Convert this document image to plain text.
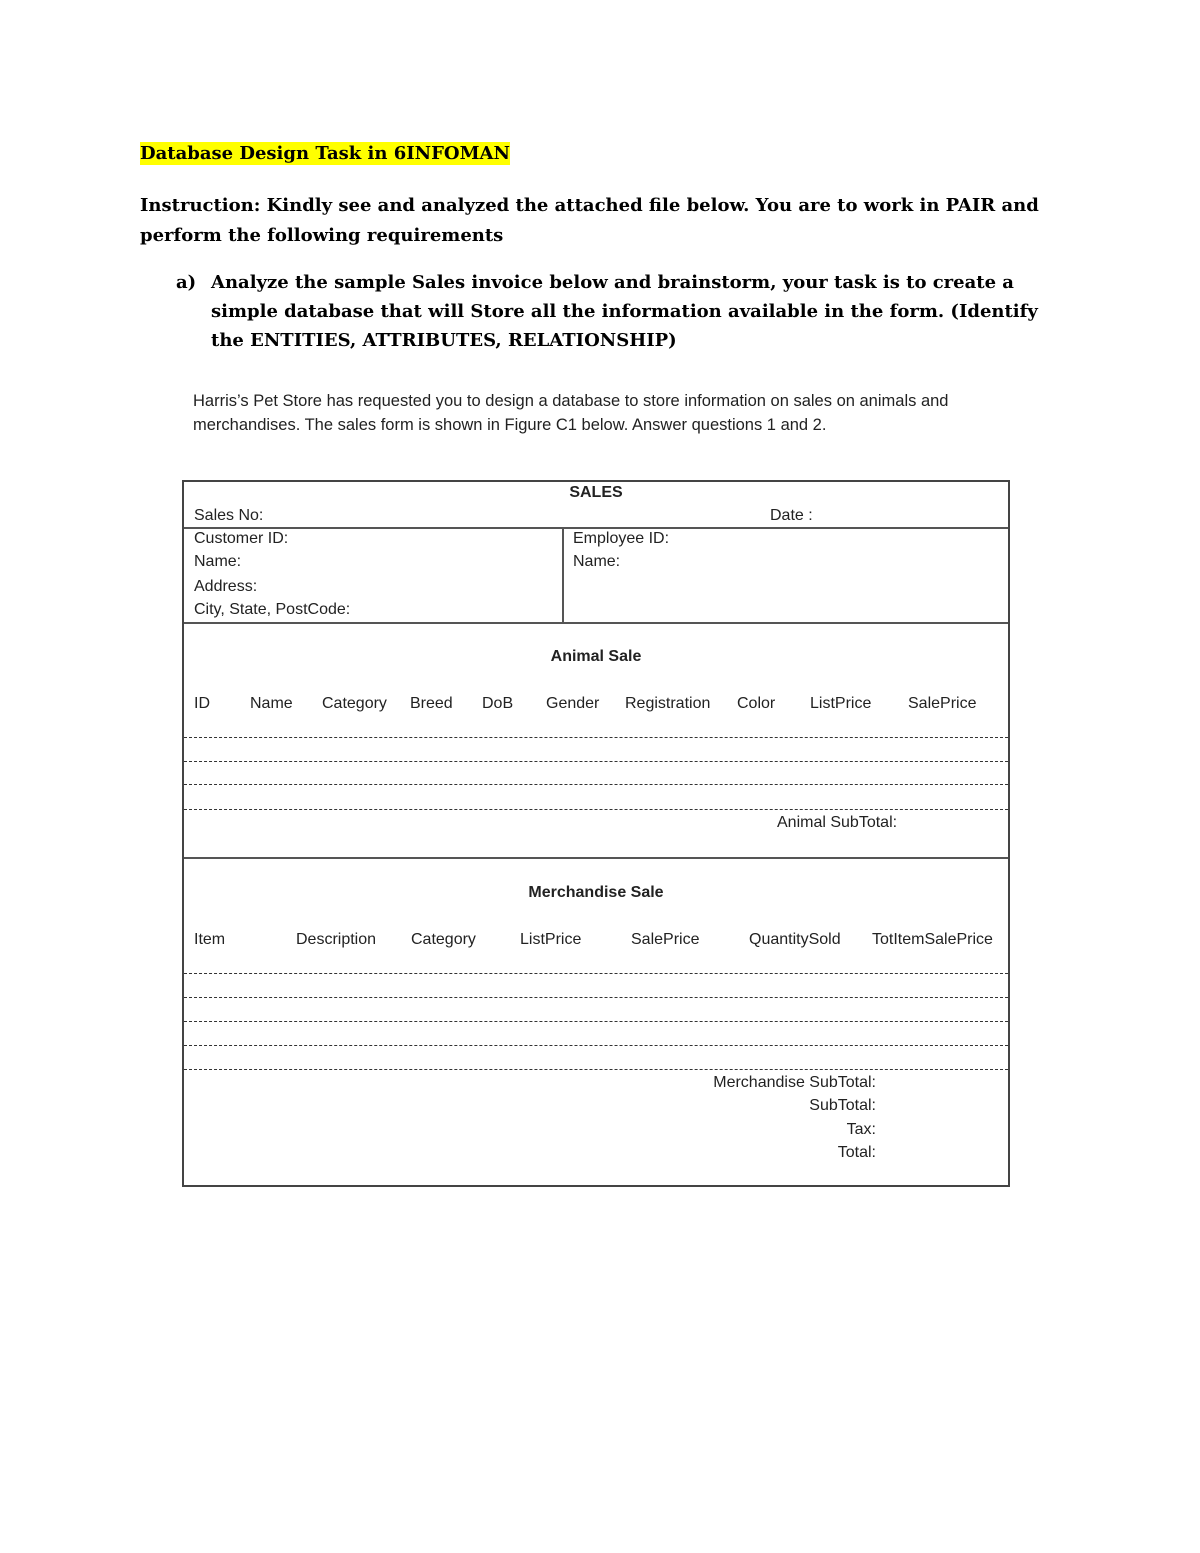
Database Design Task in 6INFOMAN
Instruction: Kindly see and analyzed the attached file below. You are to work in PAIR and perform the following requirements
a) Analyze the sample Sales invoice below and brainstorm, your task is to create a simple database that will Store all the information available in the form. (Identify the ENTITIES, ATTRIBUTES, RELATIONSHIP)
Harris’s Pet Store has requested you to design a database to store information on sales on animals and merchandises. The sales form is shown in Figure C1 below. Answer questions 1 and 2.
SALES
Sales No:	Date :
Customer ID:
Name:
Address:
City, State, PostCode:
Employee ID:
Name:
Animal Sale
ID	Name Category Breed DoB Gender Registration Color ListPrice SalePrice
Animal SubTotal:
Merchandise Sale
Item	Description Category	ListPrice	SalePrice	QuantitySold TotItemSalePrice
Merchandise SubTotal:
SubTotal:
Tax:
Total:
